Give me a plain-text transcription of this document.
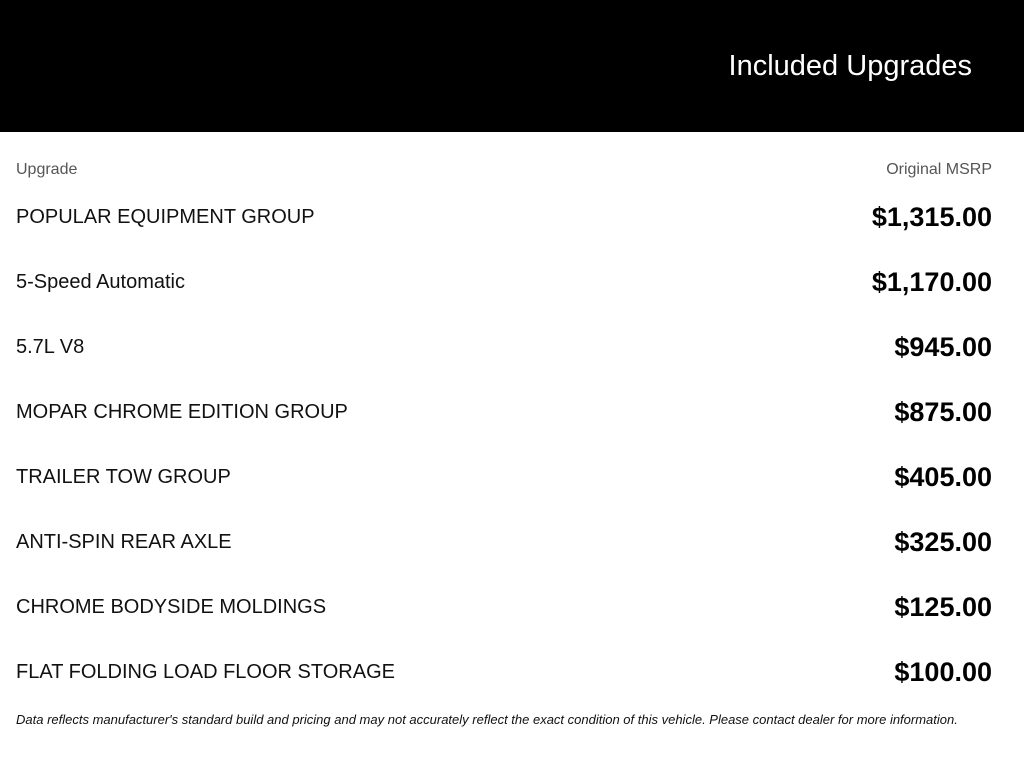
Included Upgrades
Upgrade	Original MSRP
POPULAR EQUIPMENT GROUP	$1,315.00
5-Speed Automatic	$1,170.00
5.7L V8	$945.00
MOPAR CHROME EDITION GROUP	$875.00
TRAILER TOW GROUP	$405.00
ANTI-SPIN REAR AXLE	$325.00
CHROME BODYSIDE MOLDINGS	$125.00
FLAT FOLDING LOAD FLOOR STORAGE	$100.00
Data reflects manufacturer's standard build and pricing and may not accurately reflect the exact condition of this vehicle. Please contact dealer for more information.
